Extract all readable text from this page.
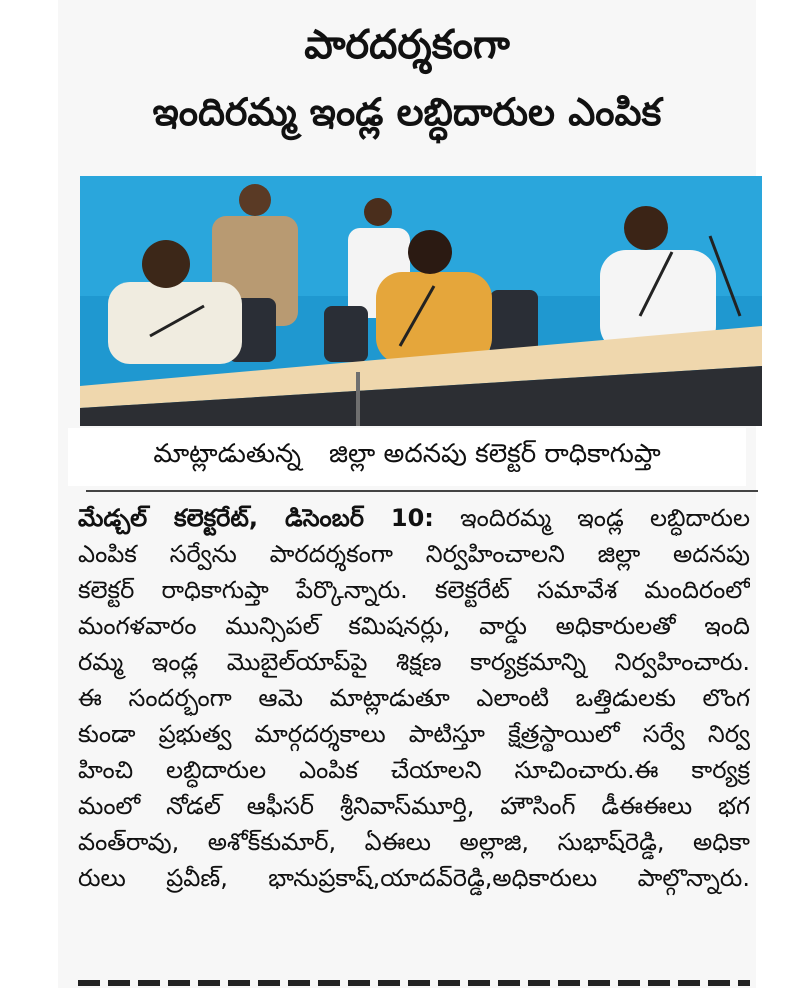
పారదర్శకంగా
ఇందిరమ్మ ఇండ్ల లబ్ధిదారుల ఎంపిక
మాట్లాడుతున్న జిల్లా అదనపు కలెక్టర్ రాధికాగుప్తా
మేడ్చల్ కలెక్టరేట్, డిసెంబర్ 10: ఇందిరమ్మ ఇండ్ల లబ్ధిదారుల
ఎంపిక సర్వేను పారదర్శకంగా నిర్వహించాలని జిల్లా అదనపు
కలెక్టర్ రాధికాగుప్తా పేర్కొన్నారు. కలెక్టరేట్ సమావేశ మందిరంలో
మంగళవారం మున్సిపల్ కమిషనర్లు, వార్డు అధికారులతో ఇంది
రమ్మ ఇండ్ల మొబైల్‌యాప్‌పై శిక్షణ కార్యక్రమాన్ని నిర్వహించారు.
ఈ సందర్భంగా ఆమె మాట్లాడుతూ ఎలాంటి ఒత్తిడులకు లొంగ
కుండా ప్రభుత్వ మార్గదర్శకాలు పాటిస్తూ క్షేత్రస్థాయిలో సర్వే నిర్వ
హించి లబ్ధిదారుల ఎంపిక చేయాలని సూచించారు.ఈ కార్యక్ర
మంలో నోడల్ ఆఫీసర్ శ్రీనివాస్‌మూర్తి, హౌసింగ్ డీఈఈలు భగ
వంత్‌రావు, అశోక్‌కుమార్, ఏఈలు అల్లాజి, సుభాష్‌రెడ్డి, అధికా
రులు ప్రవీణ్, భానుప్రకాష్,యాదవ్‌రెడ్డి,అధికారులు పాల్గొన్నారు.
